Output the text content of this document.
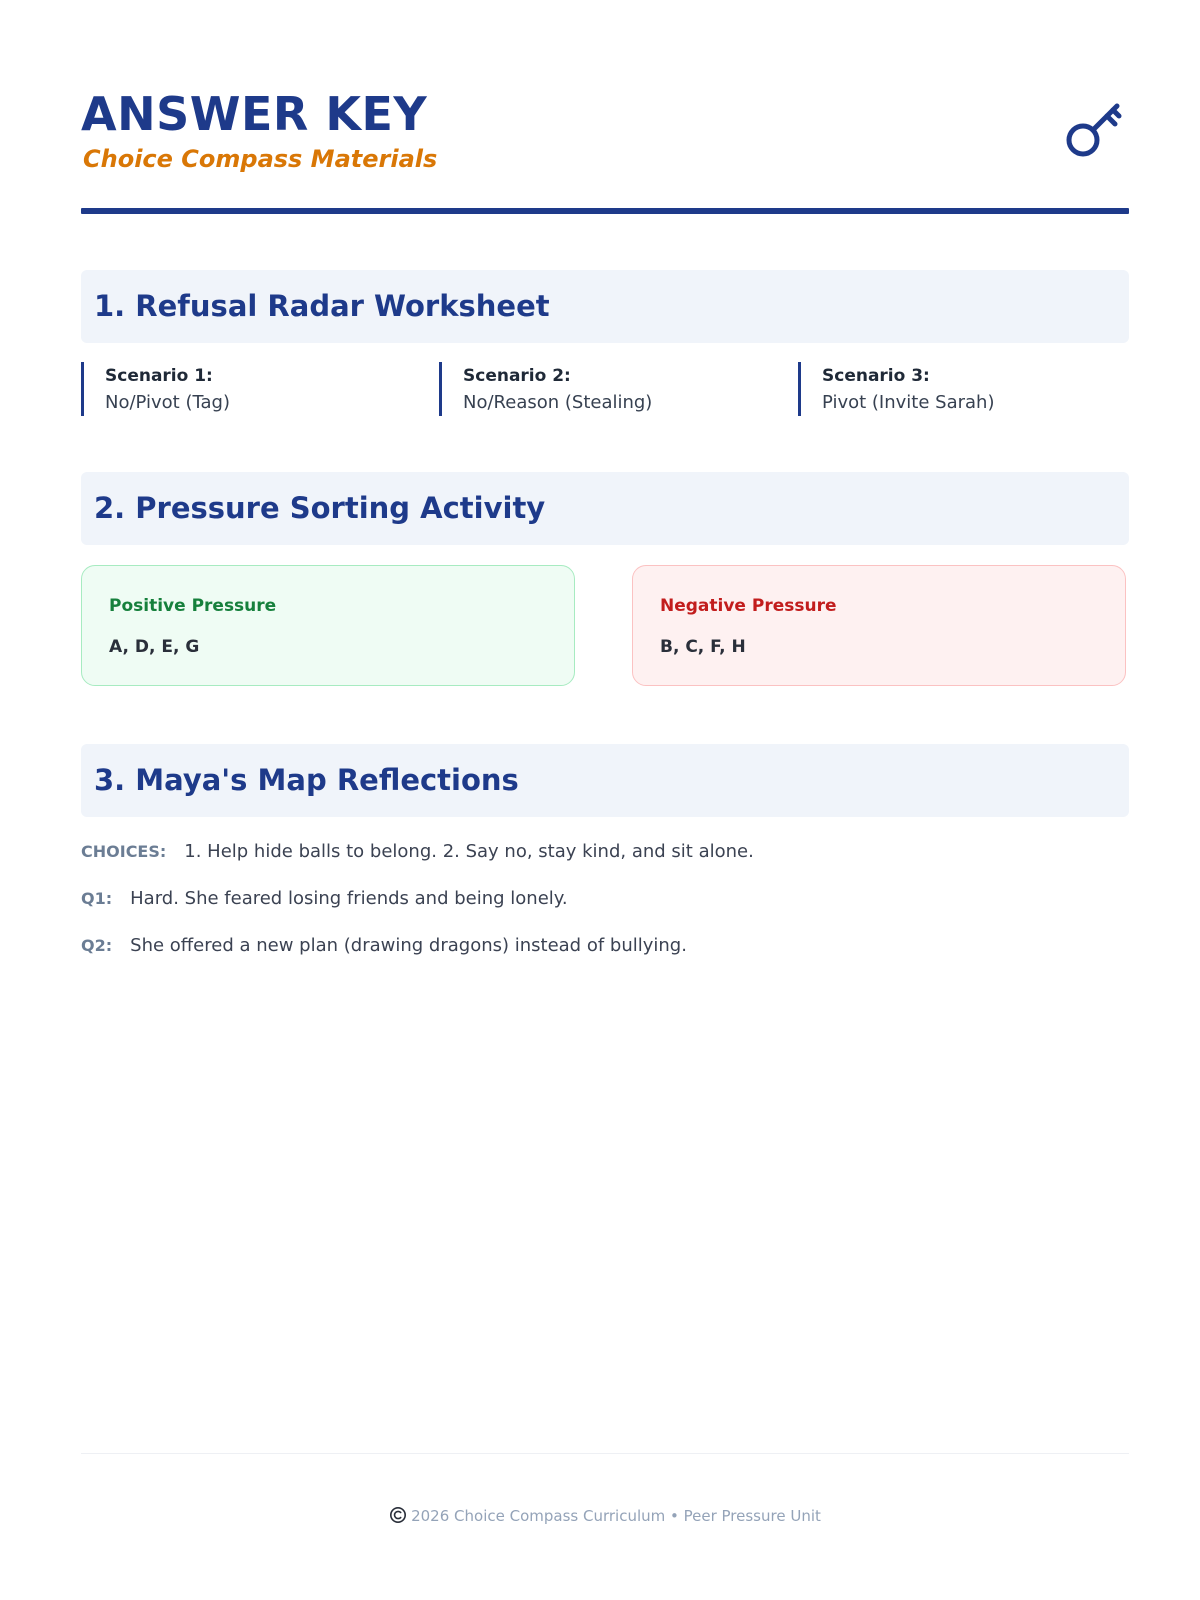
ANSWER KEY
Choice Compass Materials
1. Refusal Radar Worksheet
Scenario 1:
No/Pivot (Tag)
Scenario 2:
No/Reason (Stealing)
Scenario 3:
Pivot (Invite Sarah)
2. Pressure Sorting Activity
Positive Pressure
A, D, E, G
Negative Pressure
B, C, F, H
3. Maya's Map Reflections
CHOICES: 1. Help hide balls to belong. 2. Say no, stay kind, and sit alone.
Q1: Hard. She feared losing friends and being lonely.
Q2: She offered a new plan (drawing dragons) instead of bullying.
2026 Choice Compass Curriculum • Peer Pressure Unit
